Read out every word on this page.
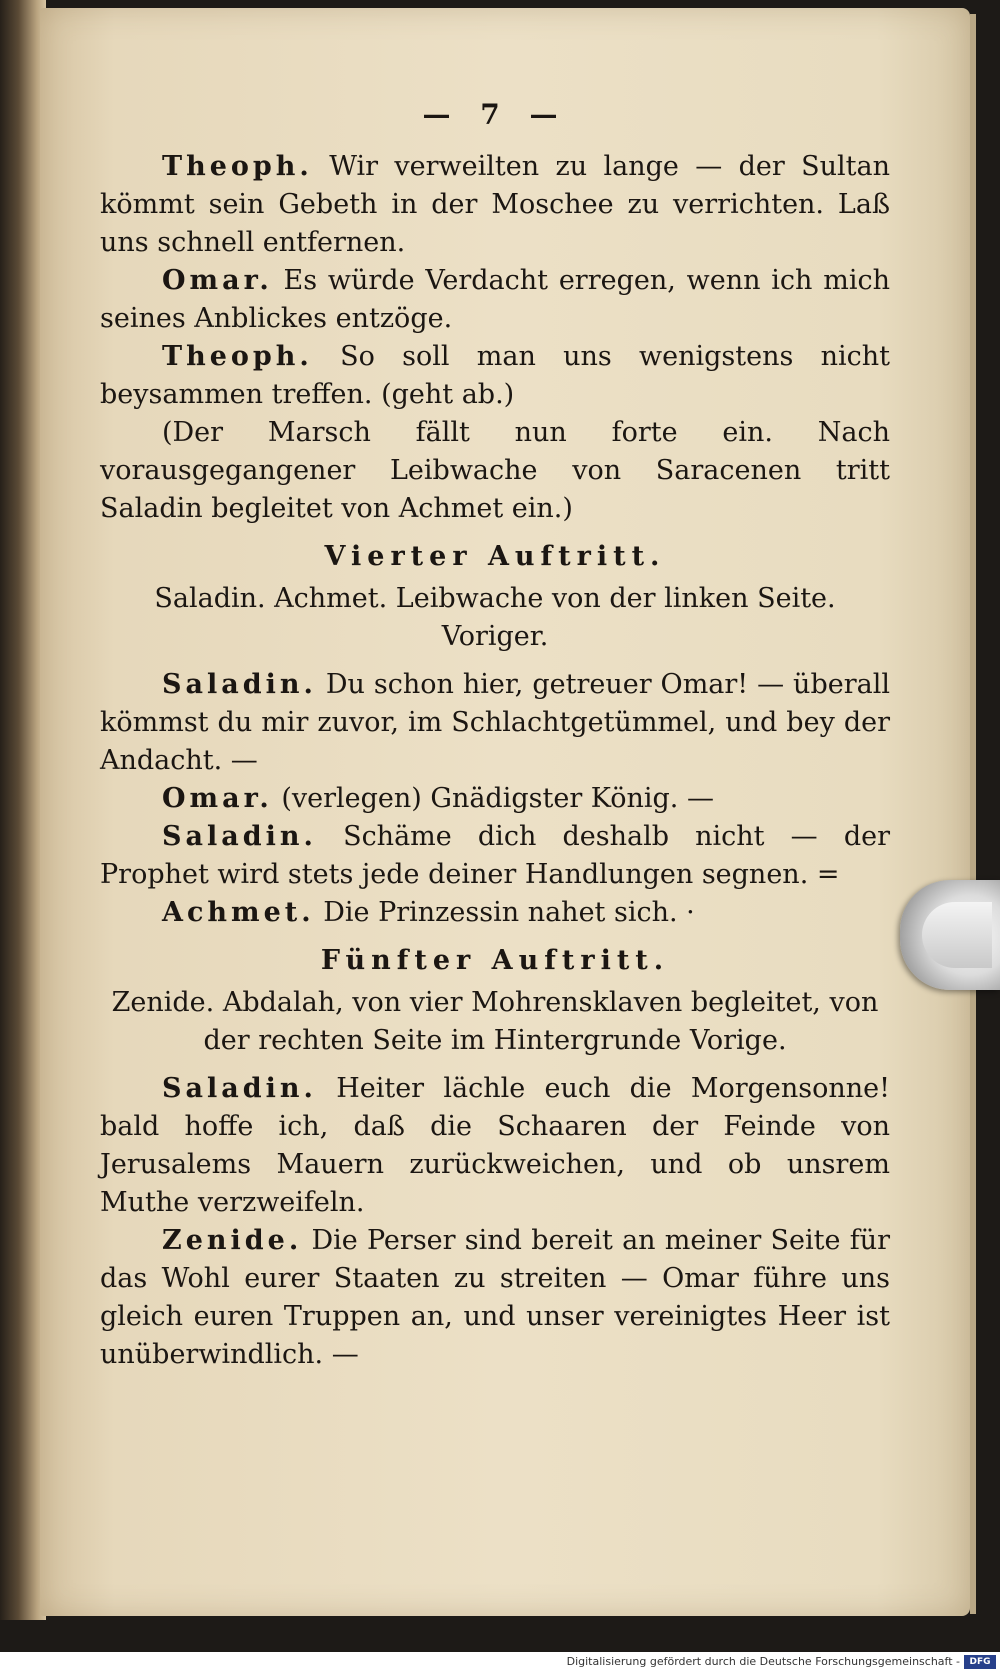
— 7 —

Theoph. Wir verweilten zu lange — der Sultan kömmt sein Gebeth in der Moschee zu verrichten. Laß uns schnell entfernen.

Omar. Es würde Verdacht erregen, wenn ich mich seines Anblickes entzöge.

Theoph. So soll man uns wenigstens nicht beysammen treffen. (geht ab.)

(Der Marsch fällt nun forte ein. Nach vorausgegangener Leibwache von Saracenen tritt Saladin begleitet von Achmet ein.)

Vierter Auftritt.
Saladin. Achmet. Leibwache von der linken Seite. Voriger.

Saladin. Du schon hier, getreuer Omar! — überall kömmst du mir zuvor, im Schlachtgetümmel, und bey der Andacht. —

Omar. (verlegen) Gnädigster König. —

Saladin. Schäme dich deshalb nicht — der Prophet wird stets jede deiner Handlungen segnen. =

Achmet. Die Prinzessin nahet sich. ·

Fünfter Auftritt.
Zenide. Abdalah, von vier Mohrensklaven begleitet, von der rechten Seite im Hintergrunde Vorige.

Saladin. Heiter lächle euch die Morgensonne! bald hoffe ich, daß die Schaaren der Feinde von Jerusalems Mauern zurückweichen, und ob unsrem Muthe verzweifeln.

Zenide. Die Perser sind bereit an meiner Seite für das Wohl eurer Staaten zu streiten — Omar führe uns gleich euren Truppen an, und unser vereinigtes Heer ist unüberwindlich. —

Digitalisierung gefördert durch die Deutsche Forschungsgemeinschaft -	DFG
